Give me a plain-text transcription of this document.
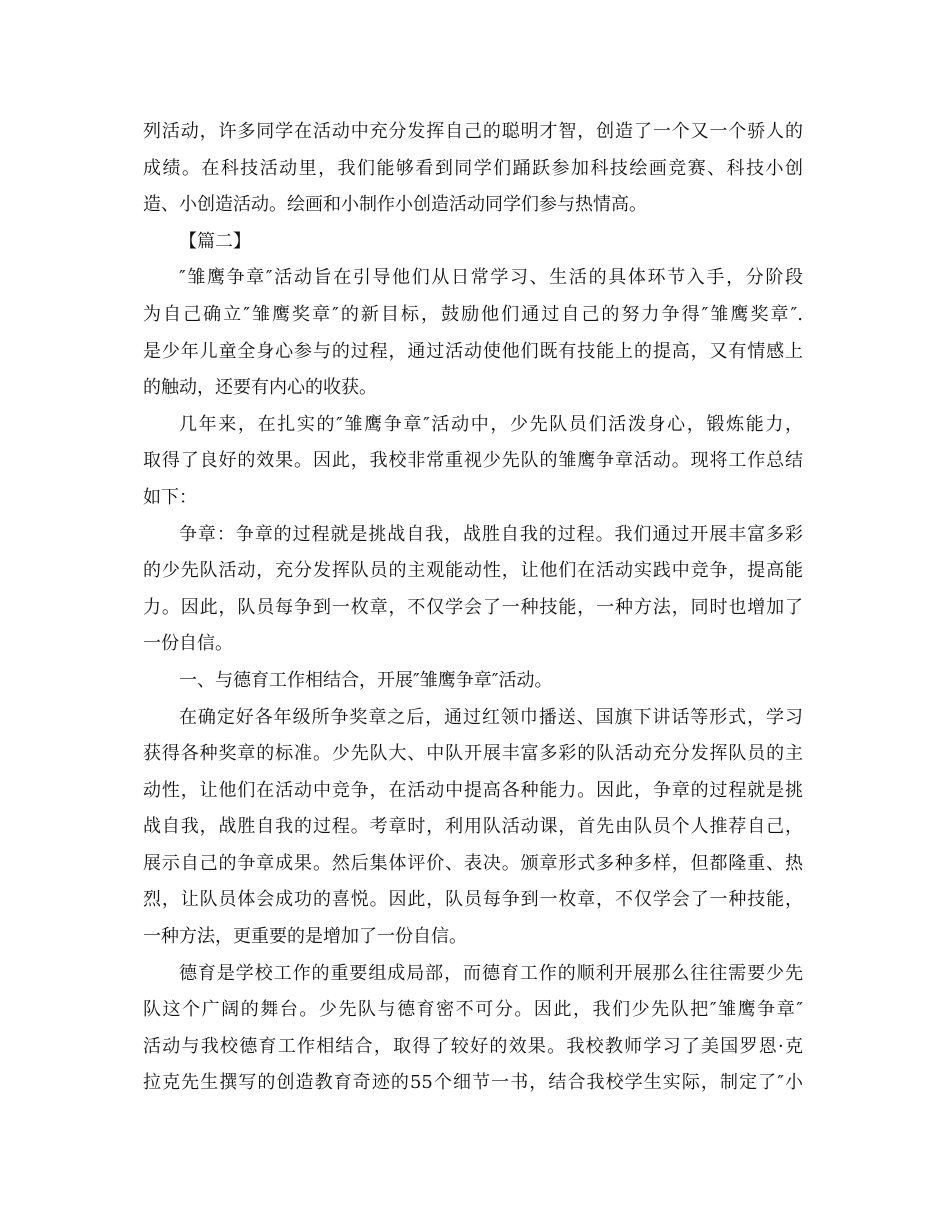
列活动，许多同学在活动中充分发挥自己的聪明才智，创造了一个又一个骄人的
成绩。在科技活动里，我们能够看到同学们踊跃参加科技绘画竞赛、科技小创
造、小创造活动。绘画和小制作小创造活动同学们参与热情高。
【篇二】
″雏鹰争章″活动旨在引导他们从日常学习、生活的具体环节入手，分阶段
为自己确立″雏鹰奖章″的新目标，鼓励他们通过自己的努力争得″雏鹰奖章″.
是少年儿童全身心参与的过程，通过活动使他们既有技能上的提高，又有情感上
的触动，还要有内心的收获。
几年来，在扎实的″雏鹰争章″活动中，少先队员们活泼身心，锻炼能力，
取得了良好的效果。因此，我校非常重视少先队的雏鹰争章活动。现将工作总结
如下：
争章：争章的过程就是挑战自我，战胜自我的过程。我们通过开展丰富多彩
的少先队活动，充分发挥队员的主观能动性，让他们在活动实践中竞争，提高能
力。因此，队员每争到一枚章，不仅学会了一种技能，一种方法，同时也增加了
一份自信。
一、与德育工作相结合，开展″雏鹰争章″活动。
在确定好各年级所争奖章之后，通过红领巾播送、国旗下讲话等形式，学习
获得各种奖章的标准。少先队大、中队开展丰富多彩的队活动充分发挥队员的主
动性，让他们在活动中竞争，在活动中提高各种能力。因此，争章的过程就是挑
战自我，战胜自我的过程。考章时，利用队活动课，首先由队员个人推荐自己，
展示自己的争章成果。然后集体评价、表决。颁章形式多种多样，但都隆重、热
烈，让队员体会成功的喜悦。因此，队员每争到一枚章，不仅学会了一种技能，
一种方法，更重要的是增加了一份自信。
德育是学校工作的重要组成局部，而德育工作的顺利开展那么往往需要少先
队这个广阔的舞台。少先队与德育密不可分。因此，我们少先队把″雏鹰争章″
活动与我校德育工作相结合，取得了较好的效果。我校教师学习了美国罗恩·克
拉克先生撰写的创造教育奇迹的55个细节一书，结合我校学生实际，制定了″小
